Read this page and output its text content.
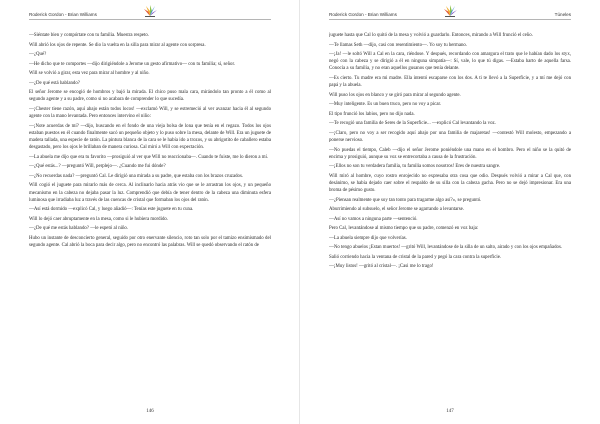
Roderick Gordon - Brian Williams

—Siéntate bien y compórtate con tu familia. Muestra respeto.

Will abrió los ojos de repente. Se dio la vuelta en la silla para mirar al agente con sorpresa.

—¿Qué?

—He dicho que te comportes —dijo dirigiéndole a Jerome un gesto afirmativo— con tu familia; sí, señor.

Will se volvió a girar, esta vez para mirar al hombre y al niño.

—¿De qué está hablando?

El señor Jerome se encogió de hombros y bajó la mirada. El chico puso mala cara, mirándolo tan pronto a él como al segundo agente y a su padre, como si no acabara de comprender lo que sucedía.

—¡Chester tiene razón, aquí abajo están todos locos! —exclamó Will, y se estremeció al ver avanzar hacia él al segundo agente con la mano levantada. Pero entonces intervino el niño:

—¡Note acuerdas de mí? —dijo, buscando en el fondo de una vieja bolsa de lona que tenía en el regazo. Todos los ojos estaban puestos en él cuando finalmente sacó un pequeño objeto y lo puso sobre la mesa, delante de Will. Era un juguete de madera tallada, una especie de ratón. La pintura blanca de la cara se le había ido a trozos, y su abrigotito de caballero estaba desgastado, pero los ojos le brillaban de manera curiosa. Cal miró a Will con expectación.

—La abuela me dijo que era tu favorito —prosiguió al ver que Will no reaccionaba—. Cuando te fuiste, me lo dieron a mí.

—¿Qué estás...? —preguntó Will, perplejo—. ¿Cuando me fui dónde?

—¿No recuerdas nada? —preguntó Cal. Le dirigió una mirada a su padre, que estaba con los brazos cruzados.

Will cogió el juguete para mirarlo más de cerca. Al inclinarlo hacia atrás vio que se le arrastran los ojos, y un pequeño mecanismo en la cabeza no dejaba pasar la luz. Comprendió que debía de tener dentro de la cabeza una diminuta esfera luminosa que irradiaba luz a través de las cuencas de cristal que formaban los ojos del ratón.

—Así está dormido —explicó Cal, y luego añadió—: Tenías este juguete en tu cuna.

Will lo dejó caer abruptamente en la mesa, como si le hubiera mordido.

—¿De qué me estás hablando? —le espetó al niño.

Hubo un instante de desconcierto general, seguido por otro enervante silencio, roto tan solo por el tamizo ensimismado del segundo agente. Cal abrió la boca para decir algo, pero no encontró las palabras. Will se quedó observando el ratón de

146
Roderick Gordon - Brian Williams	Túneles

juguete hasta que Cal lo quitó de la mesa y volvió a guardarlo. Entonces, mirando a Will frunció el ceño.

—Te llamas Seth —dijo, casi con resentimiento—. Yo soy tu hermano.

—¡Ja! —le soltó Will a Cal en la cara, riéndose. Y después, recordando con amargura el trato que le habían dado los styx, negó con la cabeza y se dirigió a él en ninguna simpatía—: Sí, vale, lo que tú digas. —Estaba harto de aquella farsa. Conocía a su familia, y no eran aquellos gusanos que tenía delante.

—Es cierto. Tu madre era mi madre. Ella intentó escaparse con los dos. A ti te llevó a la Superficie, y a mí me dejó con papá y la abuela.

Will puso los ojos en blanco y se giró para mirar al segundo agente.

—Muy inteligente. Es un buen truco, pero no voy a picar.

El tipo frunció los labios, pero no dijo nada.

—Te recogió una familia de Seres de la Superficie... —explicó Cal levantando la voz.

—¡Claro, pero no voy a ser recogido aquí abajo por una familia de majaretas! —contestó Will molesto, empezando a ponerse nervioso.

—No puedas el tiempo, Caleb —dijo el señor Jerome poniéndole una mano en el hombro. Pero el niño se la quitó de encima y prosiguió, aunque su voz se entrecortaba a causa de la frustración.

—¡Ellos no son tu verdadera familia, tu familia somos nosotros! Eres de nuestra sangre.

Will miró al hombre, cuyo rostro enrojecido no expresaba otra cosa que odio. Después volvió a mirar a Cal que, con desánimo, se había dejado caer sobre el respaldo de su silla con la cabeza gacha. Pero no se dejó impresionar. Era una broma de pésimo gusto.

—¿Piensan realmente que soy tan tonto para tragarme algo así?», se preguntó.

Aburrimiendo al subsuelo, el señor Jerome se agarrando a levantarse.

—Así no vamos a ninguna parte —sentenció.

Pero Cal, levantándose al mismo tiempo que su padre, comenzó en voz baja:

—La abuela siempre dijo que volverías.

—No tengo abuelos ¡Estan muertos! —gritó Will, levantándose de la silla de un salto, airado y con los ojos empañados.

Salió corriendo hacia la ventana de cristal de la pared y pegó la cara contra la superficie.

—¡Muy listos! —gritó al cristal—. ¡Casi me lo trago!

147
